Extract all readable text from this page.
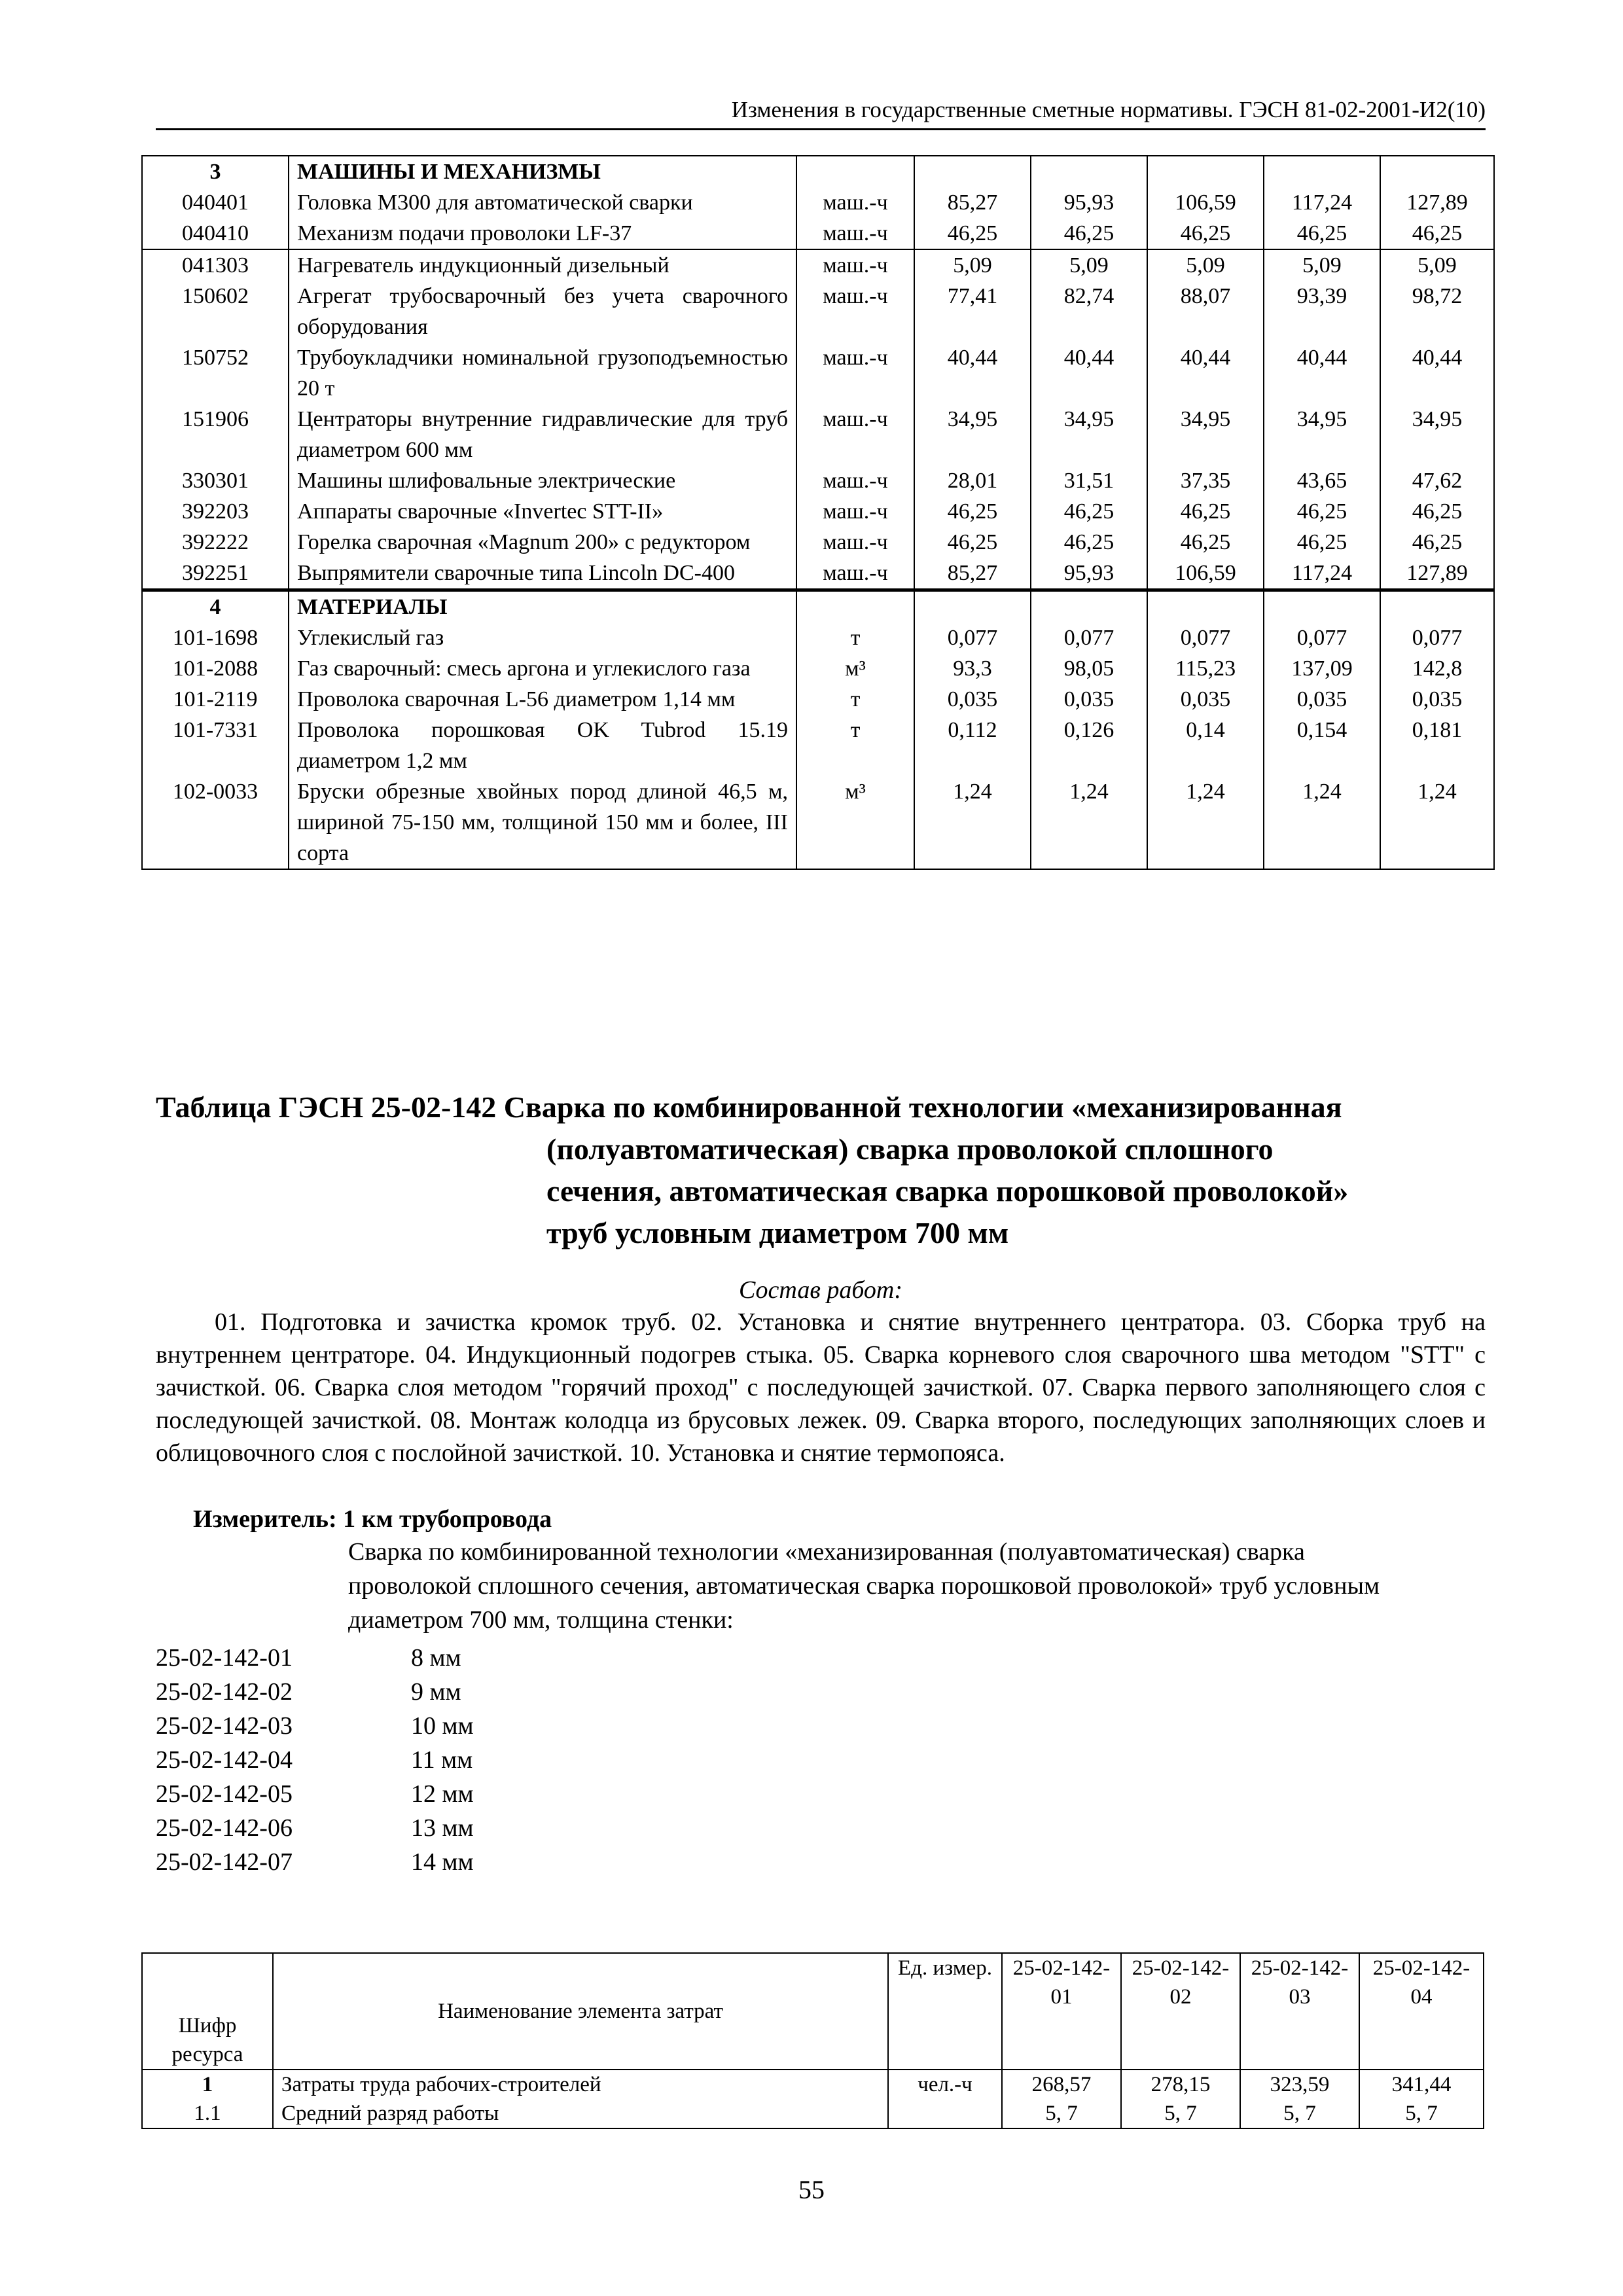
Изменения в государственные сметные нормативы. ГЭСН 81-02-2001-И2(10)
3	МАШИНЫ И МЕХАНИЗМЫ						
040401	Головка М300 для автоматической сварки	маш.-ч	85,27	95,93	106,59	117,24	127,89
040410	Механизм подачи проволоки LF-37	маш.-ч	46,25	46,25	46,25	46,25	46,25
041303	Нагреватель индукционный дизельный	маш.-ч	5,09	5,09	5,09	5,09	5,09
150602	Агрегат трубосварочный без учета сварочного оборудования	маш.-ч	77,41	82,74	88,07	93,39	98,72
150752	Трубоукладчики номинальной грузоподъемностью 20 т	маш.-ч	40,44	40,44	40,44	40,44	40,44
151906	Центраторы внутренние гидравлические для труб диаметром 600 мм	маш.-ч	34,95	34,95	34,95	34,95	34,95
330301	Машины шлифовальные электрические	маш.-ч	28,01	31,51	37,35	43,65	47,62
392203	Аппараты сварочные «Invertec STT-II»	маш.-ч	46,25	46,25	46,25	46,25	46,25
392222	Горелка сварочная «Magnum 200» с редуктором	маш.-ч	46,25	46,25	46,25	46,25	46,25
392251	Выпрямители сварочные типа Lincoln DC-400	маш.-ч	85,27	95,93	106,59	117,24	127,89
4	МАТЕРИАЛЫ						
101-1698	Углекислый газ	т	0,077	0,077	0,077	0,077	0,077
101-2088	Газ сварочный: смесь аргона и углекислого газа	м³	93,3	98,05	115,23	137,09	142,8
101-2119	Проволока сварочная L-56 диаметром 1,14 мм	т	0,035	0,035	0,035	0,035	0,035
101-7331	Проволока порошковая OK Tubrod 15.19 диаметром 1,2 мм	т	0,112	0,126	0,14	0,154	0,181
102-0033	Бруски обрезные хвойных пород длиной 46,5 м, шириной 75-150 мм, толщиной 150 мм и более, III сорта	м³	1,24	1,24	1,24	1,24	1,24
Таблица ГЭСН 25-02-142 Сварка по комбинированной технологии «механизированная
(полуавтоматическая) сварка проволокой сплошного
сечения, автоматическая сварка порошковой проволокой»
труб условным диаметром 700 мм
Состав работ:

01. Подготовка и зачистка кромок труб. 02. Установка и снятие внутреннего центратора. 03. Сборка труб на внутреннем центраторе. 04. Индукционный подогрев стыка. 05. Сварка корневого слоя сварочного шва методом "STT" с зачисткой. 06. Сварка слоя методом "горячий проход" с последующей зачисткой. 07. Сварка первого заполняющего слоя с последующей зачисткой. 08. Монтаж колодца из брусовых лежек. 09. Сварка второго, последующих заполняющих слоев и облицовочного слоя с послойной зачисткой. 10. Установка и снятие термопояса.

Измеритель: 1 км трубопровода
Сварка по комбинированной технологии «механизированная (полуавтоматическая) сварка проволокой сплошного сечения, автоматическая сварка порошковой проволокой» труб условным диаметром 700 мм, толщина стенки:
25-02-142-01	8 мм
25-02-142-02	9 мм
25-02-142-03	10 мм
25-02-142-04	11 мм
25-02-142-05	12 мм
25-02-142-06	13 мм
25-02-142-07	14 мм
Шифр ресурса	Наименование элемента затрат	Ед. измер.	25-02-142-01	25-02-142-02	25-02-142-03	25-02-142-04
1	Затраты труда рабочих-строителей	чел.-ч	268,57	278,15	323,59	341,44
1.1	Средний разряд работы		5, 7	5, 7	5, 7	5, 7
55
